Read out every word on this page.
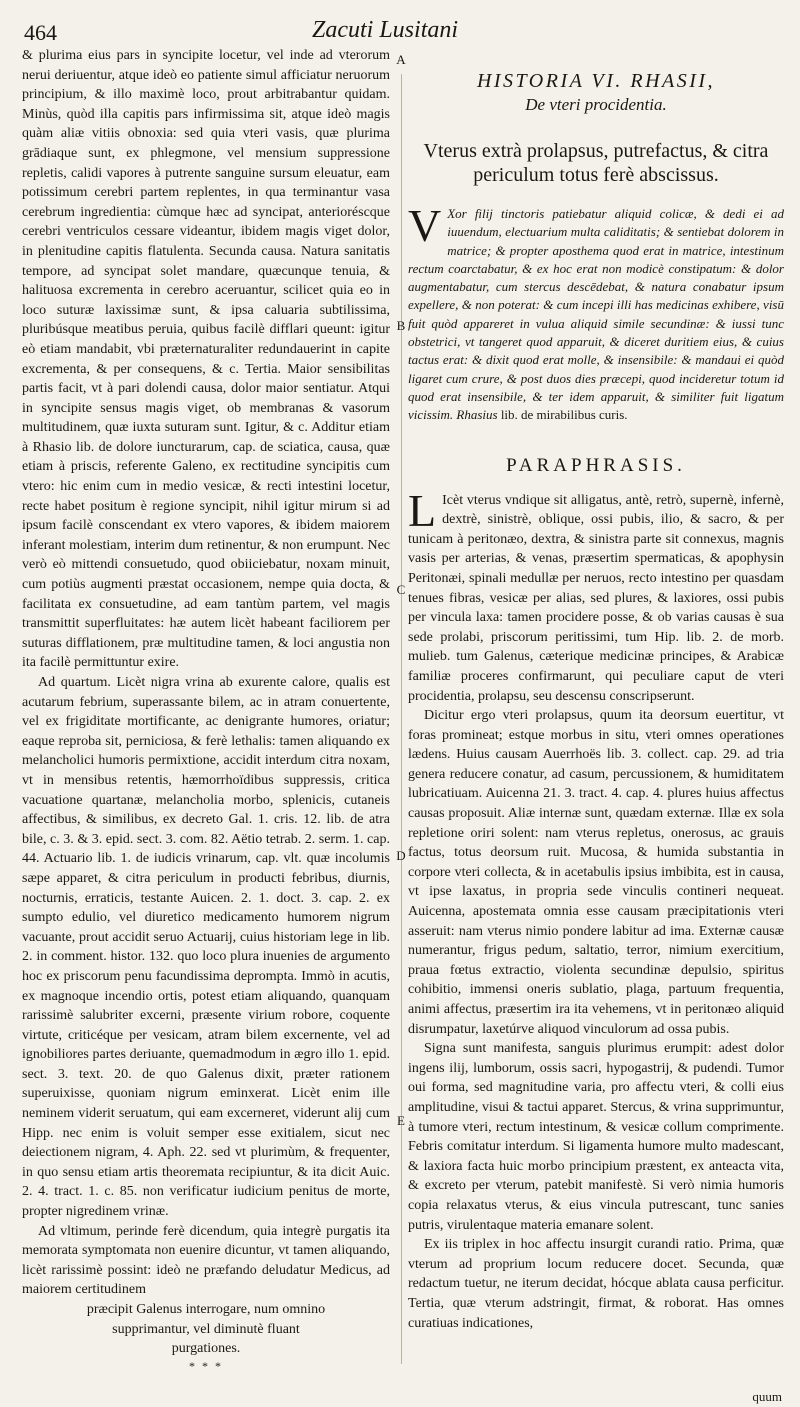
464	Zacuti Lusitani
A
B
C
D
E

& plurima eius pars in syncipite locetur, vel inde ad vterorum nerui deriuentur, atque ideò eo patiente simul afficiatur neruorum principium, & illo maximè loco, prout arbitrabantur quidam. Minùs, quòd illa capitis pars infirmissima sit, atque ideò magis quàm aliæ vitiis obnoxia: sed quia vteri vasis, quæ plurima grādiaque sunt, ex phlegmone, vel mensium suppressione repletis, calidi vapores à putrente sanguine sursum eleuatur, eam potissimum cerebri partem replentes, in qua terminantur vasa cerebrum ingredientia: cùmque hæc ad syncipat, anterioréscque cerebri ventriculos cessare videantur, ibidem magis viget dolor, in plenitudine capitis flatulenta. Secunda causa. Natura sanitatis tempore, ad syncipat solet mandare, quæcunque tenuia, & halituosa excrementa in cerebro aceruantur, scilicet quia eo in loco suturæ laxissimæ sunt, & ipsa caluaria subtilissima, pluribúsque meatibus peruia, quibus facilè difflari queunt: igitur eò etiam mandabit, vbi præternaturaliter redundauerint in capite excrementa, & per consequens, & c. Tertia. Maior sensibilitas partis facit, vt à pari dolendi causa, dolor maior sentiatur. Atqui in syncipite sensus magis viget, ob membranas & vasorum multitudinem, quæ iuxta suturam sunt. Igitur, & c. Additur etiam à Rhasio lib. de dolore iuncturarum, cap. de sciatica, causa, quæ etiam à priscis, referente Galeno, ex rectitudine syncipitis cum vtero: hic enim cum in medio vesicæ, & recti intestini locetur, recte habet positum è regione syncipit, nihil igitur mirum si ad ipsum facilè conscendant ex vtero vapores, & ibidem maiorem inferant molestiam, interim dum retinentur, & non erumpunt. Nec verò eò mittendi consuetudo, quod obiiciebatur, noxam minuit, cum potiùs augmenti præstat occasionem, nempe quia docta, & facilitata ex consuetudine, ad eam tantùm partem, vel magis transmittit superfluitates: hæ autem licèt habeant faciliorem per suturas difflationem, præ multitudine tamen, & loci angustia non ita facilè permittuntur exire.

Ad quartum. Licèt nigra vrina ab exurente calore, qualis est acutarum febrium, superassante bilem, ac in atram conuertente, vel ex frigiditate mortificante, ac denigrante humores, oriatur; eaque reproba sit, perniciosa, & ferè lethalis: tamen aliquando ex melancholici humoris permixtione, accidit interdum citra noxam, vt in mensibus retentis, hæmorrhoïdibus suppressis, critica vacuatione quartanæ, melancholia morbo, splenicis, cutaneis affectibus, & similibus, ex decreto Gal. 1. cris. 12. lib. de atra bile, c. 3. & 3. epid. sect. 3. com. 82. Aëtio tetrab. 2. serm. 1. cap. 44. Actuario lib. 1. de iudicis vrinarum, cap. vlt. quæ incolumis sæpe apparet, & citra periculum in producti febribus, diurnis, nocturnis, erraticis, testante Auicen. 2. 1. doct. 3. cap. 2. ex sumpto edulio, vel diuretico medicamento humorem nigrum vacuante, prout accidit seruo Actuarij, cuius historiam lege in lib. 2. in comment. histor. 132. quo loco plura inuenies de argumento hoc ex priscorum penu facundissima deprompta. Immò in acutis, ex magnoque incendio ortis, potest etiam aliquando, quanquam rarissimè salubriter excerni, præsente virium robore, coquente virtute, criticéque per vesicam, atram bilem excernente, vel ad ignobiliores partes deriuante, quemadmodum in ægro illo 1. epid. sect. 3. text. 20. de quo Galenus dixit, præter rationem superuixisse, quoniam nigrum eminxerat. Licèt enim ille neminem viderit seruatum, qui eam excerneret, viderunt alij cum Hipp. nec enim is voluit semper esse exitialem, sicut nec deiectionem nigram, 4. Aph. 22. sed vt plurimùm, & frequenter, in quo sensu etiam artis theoremata recipiuntur, & ita dicit Auic. 2. 4. tract. 1. c. 85. non verificatur iudicium penitus de morte, propter nigredinem vrinæ.

Ad vltimum, perinde ferè dicendum, quia integrè purgatis ita memorata symptomata non euenire dicuntur, vt tamen aliquando, licèt rarissimè possint: ideò ne præfando deludatur Medicus, ad maiorem certitudinem

præcipit Galenus interrogare, num omnino

supprimantur, vel diminutè fluant

purgationes.

* * *

HISTORIA VI. RHASII,

De vteri procidentia.

Vterus extrà prolapsus, putrefactus, & citra periculum totus ferè abscissus.

V Xor filij tinctoris patiebatur aliquid colicæ, & dedi ei ad iuuendum, electuarium multa caliditatis; & sentiebat dolorem in matrice; & propter aposthema quod erat in matrice, intestinum rectum coarctabatur, & ex hoc erat non modicè constipatum: & dolor augmentabatur, cum stercus descēdebat, & natura conabatur ipsum expellere, & non poterat: & cum incepi illi has medicinas exhibere, visū fuit quòd appareret in vulua aliquid simile secundinæ: & iussi tunc obstetrici, vt tangeret quod apparuit, & diceret duritiem eius, & cuius tactus erat: & dixit quod erat molle, & insensibile: & mandaui ei quòd ligaret cum crure, & post duos dies præcepi, quod incideretur totum id quod erat insensibile, & ter idem apparuit, & similiter fuit ligatum vicissim. Rhasius lib. de mirabilibus curis.

PARAPHRASIS.

L Icèt vterus vndique sit alligatus, antè, retrò, supernè, infernè, dextrè, sinistrè, oblique, ossi pubis, ilio, & sacro, & per tunicam à peritonæo, dextra, & sinistra parte sit connexus, magnis vasis per arterias, & venas, præsertim spermaticas, & apophysin Peritonæi, spinali medullæ per neruos, recto intestino per quasdam tenues fibras, vesicæ per alias, sed plures, & laxiores, ossi pubis per vincula laxa: tamen procidere posse, & ob varias causas è sua sede prolabi, priscorum peritissimi, tum Hip. lib. 2. de morb. mulieb. tum Galenus, cæterique medicinæ principes, & Arabicæ familiæ proceres confirmarunt, qui peculiare caput de vteri procidentia, prolapsu, seu descensu conscripserunt.

Dicitur ergo vteri prolapsus, quum ita deorsum euertitur, vt foras promineat; estque morbus in situ, vteri omnes operationes lædens. Huius causam Auerrhoës lib. 3. collect. cap. 29. ad tria genera reducere conatur, ad casum, percussionem, & humiditatem lubricatiuam. Auicenna 21. 3. tract. 4. cap. 4. plures huius affectus causas proposuit. Aliæ internæ sunt, quædam externæ. Illæ ex sola repletione oriri solent: nam vterus repletus, onerosus, ac grauis factus, totus deorsum ruit. Mucosa, & humida substantia in corpore vteri collecta, & in acetabulis ipsius imbibita, est in causa, vt ipse laxatus, in propria sede vinculis contineri nequeat. Auicenna, apostemata omnia esse causam præcipitationis vteri asseruit: nam vterus nimio pondere labitur ad ima. Externæ causæ numerantur, frigus pedum, saltatio, terror, nimium exercitium, praua fœtus extractio, violenta secundinæ depulsio, spiritus cohibitio, immensi oneris sublatio, plaga, partuum frequentia, animi affectus, præsertim ira ita vehemens, vt in peritonæo aliquid disrumpatur, laxetúrve aliquod vinculorum ad ossa pubis.

Signa sunt manifesta, sanguis plurimus erumpit: adest dolor ingens ilij, lumborum, ossis sacri, hypogastrij, & pudendi. Tumor oui forma, sed magnitudine varia, pro affectu vteri, & colli eius amplitudine, visui & tactui apparet. Stercus, & vrina supprimuntur, à tumore vteri, rectum intestinum, & vesicæ collum comprimente. Febris comitatur interdum. Si ligamenta humore multo madescant, & laxiora facta huic morbo principium præstent, ex anteacta vita, & excreto per vterum, patebit manifestè. Si verò nimia humoris copia relaxatus vterus, & eius vincula putrescant, tunc sanies putris, virulentaque materia emanare solent.

Ex iis triplex in hoc affectu insurgit curandi ratio. Prima, quæ vterum ad proprium locum reducere docet. Secunda, quæ redactum tuetur, ne iterum decidat, hócque ablata causa perficitur. Tertia, quæ vterum adstringit, firmat, & roborat. Has omnes curatiuas indicationes,

quum
